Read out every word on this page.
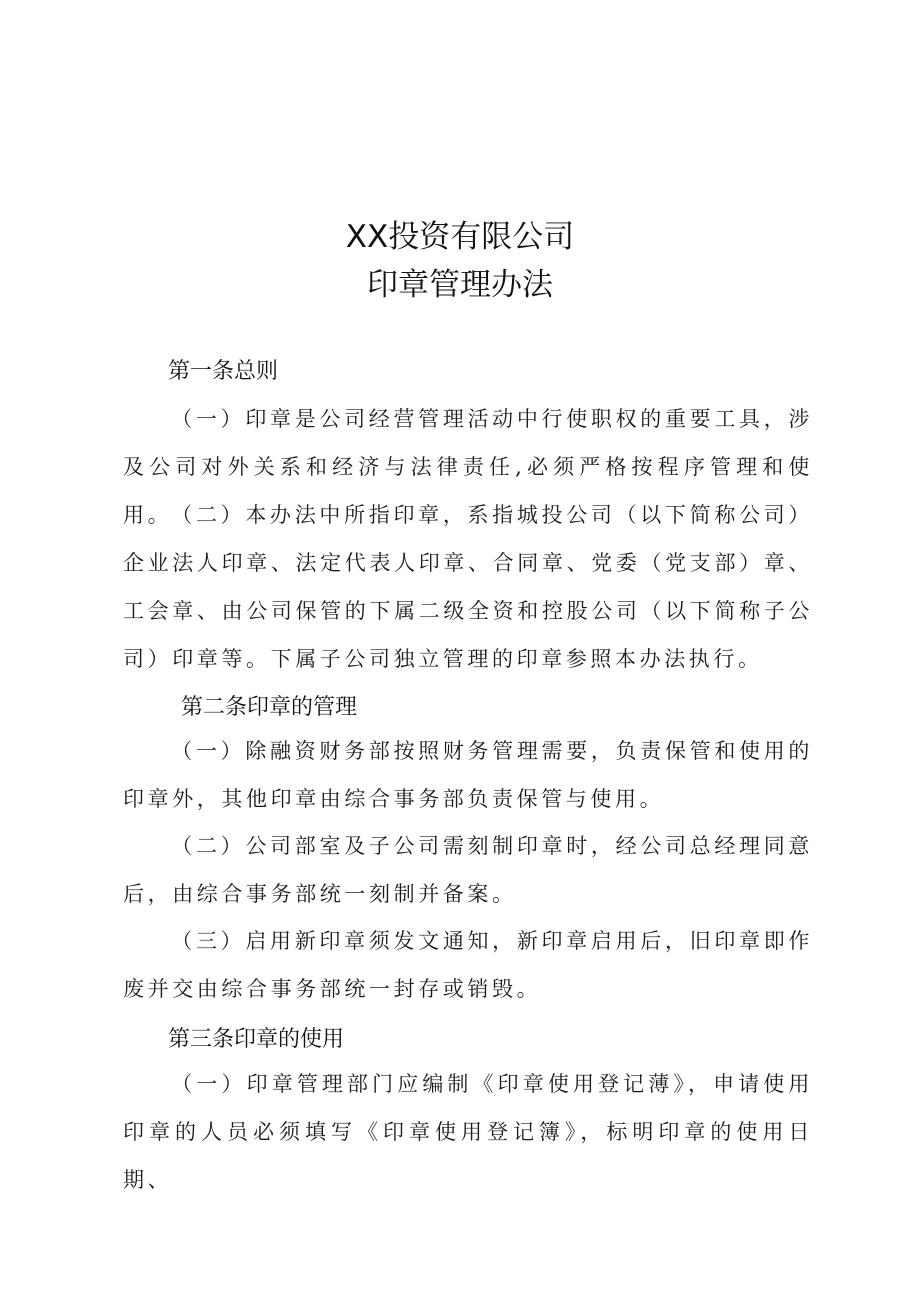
XX投资有限公司
印章管理办法
第一条总则
（一）印章是公司经营管理活动中行使职权的重要工具，涉及公司对外关系和经济与法律责任,必须严格按程序管理和使用。 （二）本办法中所指印章，系指城投公司（以下简称公司）企业法人印章、法定代表人印章、合同章、党委（党支部）章、工会章、由公司保管的下属二级全资和控股公司（以下简称子公司）印章等。下属子公司独立管理的印章参照本办法执行。
第二条印章的管理
（一）除融资财务部按照财务管理需要，负责保管和使用的印章外，其他印章由综合事务部负责保管与使用。
（二）公司部室及子公司需刻制印章时，经公司总经理同意后，由综合事务部统一刻制并备案。
（三）启用新印章须发文通知，新印章启用后，旧印章即作废并交由综合事务部统一封存或销毁。
第三条印章的使用
（一）印章管理部门应编制《印章使用登记薄》，申请使用印章的人员必须填写《印章使用登记簿》，标明印章的使用日期、
